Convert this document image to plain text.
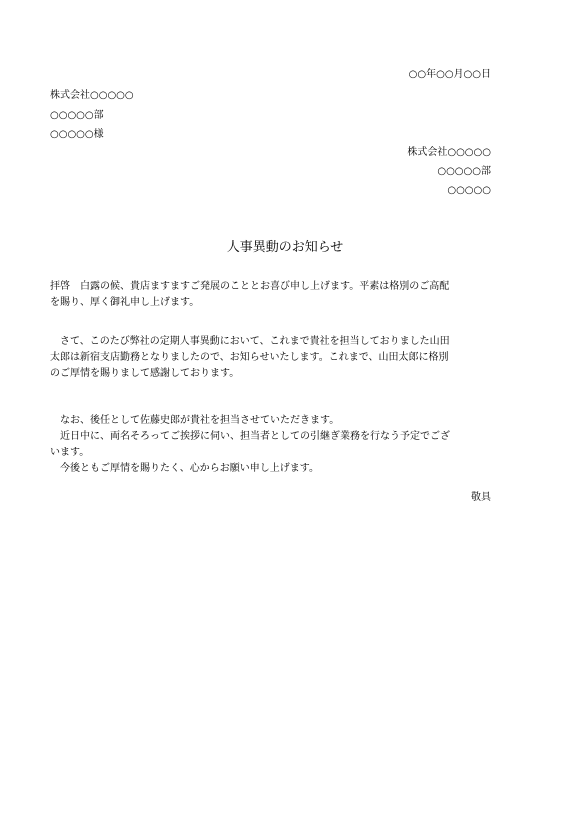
○○年○○月○○日
株式会社○○○○○
○○○○○部
○○○○○様
株式会社○○○○○
○○○○○部
○○○○○
人事異動のお知らせ
拝啓　白露の候、貴店ますますご発展のこととお喜び申し上げます。平素は格別のご高配
を賜り、厚く御礼申し上げます。
　さて、このたび弊社の定期人事異動において、これまで貴社を担当しておりました山田
太郎は新宿支店勤務となりましたので、お知らせいたします。これまで、山田太郎に格別
のご厚情を賜りまして感謝しております。
　なお、後任として佐藤史郎が貴社を担当させていただきます。
　近日中に、両名そろってご挨拶に伺い、担当者としての引継ぎ業務を行なう予定でござ
います。
　今後ともご厚情を賜りたく、心からお願い申し上げます。
敬具
